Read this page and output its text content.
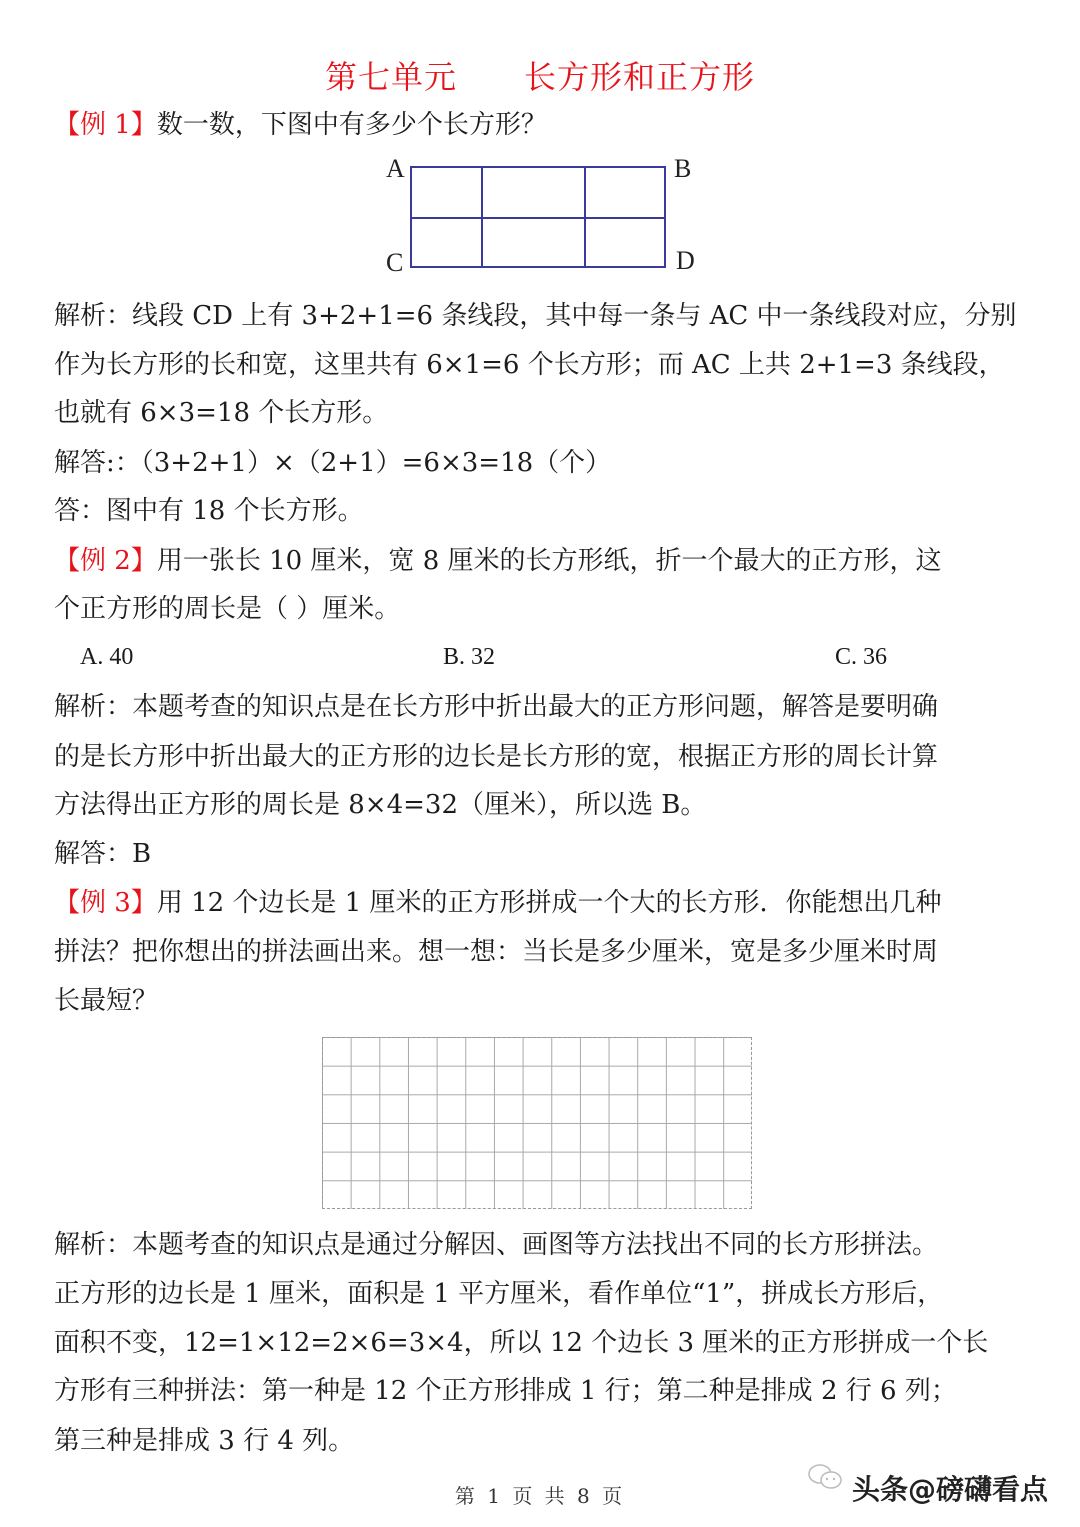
第七单元      长方形和正方形
【例 1】数一数，下图中有多少个长方形？
A	B
C	D
解析：线段 CD 上有 3+2+1=6 条线段，其中每一条与 AC 中一条线段对应，分别
作为长方形的长和宽，这里共有 6×1=6 个长方形；而 AC 上共 2+1=3 条线段，
也就有 6×3=18 个长方形。
解答:：（3+2+1）×（2+1）=6×3=18（个）
答：图中有 18 个长方形。
【例 2】用一张长 10 厘米，宽 8 厘米的长方形纸，折一个最大的正方形，这
个正方形的周长是（ ）厘米。
A. 40	B. 32	C. 36
解析：本题考查的知识点是在长方形中折出最大的正方形问题，解答是要明确
的是长方形中折出最大的正方形的边长是长方形的宽，根据正方形的周长计算
方法得出正方形的周长是 8×4=32（厘米），所以选 B。
解答：B
【例 3】用 12 个边长是 1 厘米的正方形拼成一个大的长方形．你能想出几种
拼法？把你想出的拼法画出来。想一想：当长是多少厘米，宽是多少厘米时周
长最短？
解析：本题考查的知识点是通过分解因、画图等方法找出不同的长方形拼法。
正方形的边长是 1 厘米，面积是 1 平方厘米，看作单位“1”，拼成长方形后，
面积不变，12=1×12=2×6=3×4，所以 12 个边长 3 厘米的正方形拼成一个长
方形有三种拼法：第一种是 12 个正方形排成 1 行；第二种是排成 2 行 6 列；
第三种是排成 3 行 4 列。
第 1 页 共 8 页	头条@磅礴看点
